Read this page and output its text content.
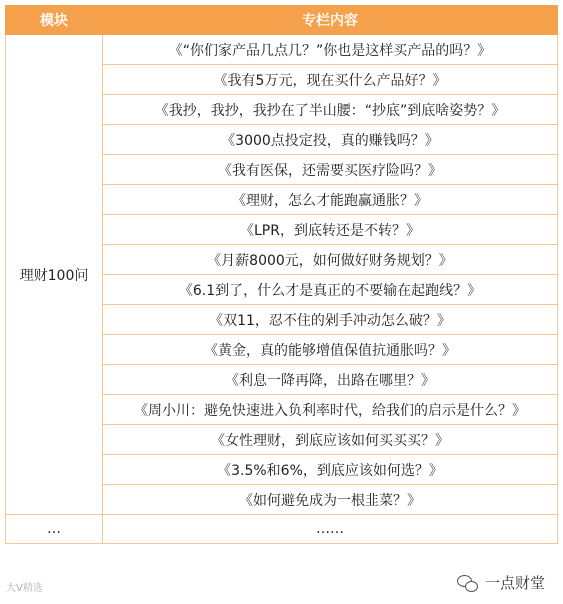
模块	专栏内容
理财100问	《“你们家产品几点几？”你也是这样买产品的吗？》
	《我有5万元，现在买什么产品好？》
	《我抄，我抄，我抄在了半山腰：“抄底”到底啥姿势？》
	《3000点投定投，真的赚钱吗？》
	《我有医保，还需要买医疗险吗？》
	《理财，怎么才能跑赢通胀？》
	《LPR，到底转还是不转？》
	《月薪8000元，如何做好财务规划？》
	《6.1到了，什么才是真正的不要输在起跑线？》
	《双11，忍不住的剁手冲动怎么破？》
	《黄金，真的能够增值保值抗通胀吗？》
	《利息一降再降，出路在哪里？》
	《周小川：避免快速进入负利率时代，给我们的启示是什么？》
	《女性理财，到底应该如何买买买？》
	《3.5%和6%，到底应该如何选？》
	《如何避免成为一根韭菜？》
…	……
大V精选	一点财堂
